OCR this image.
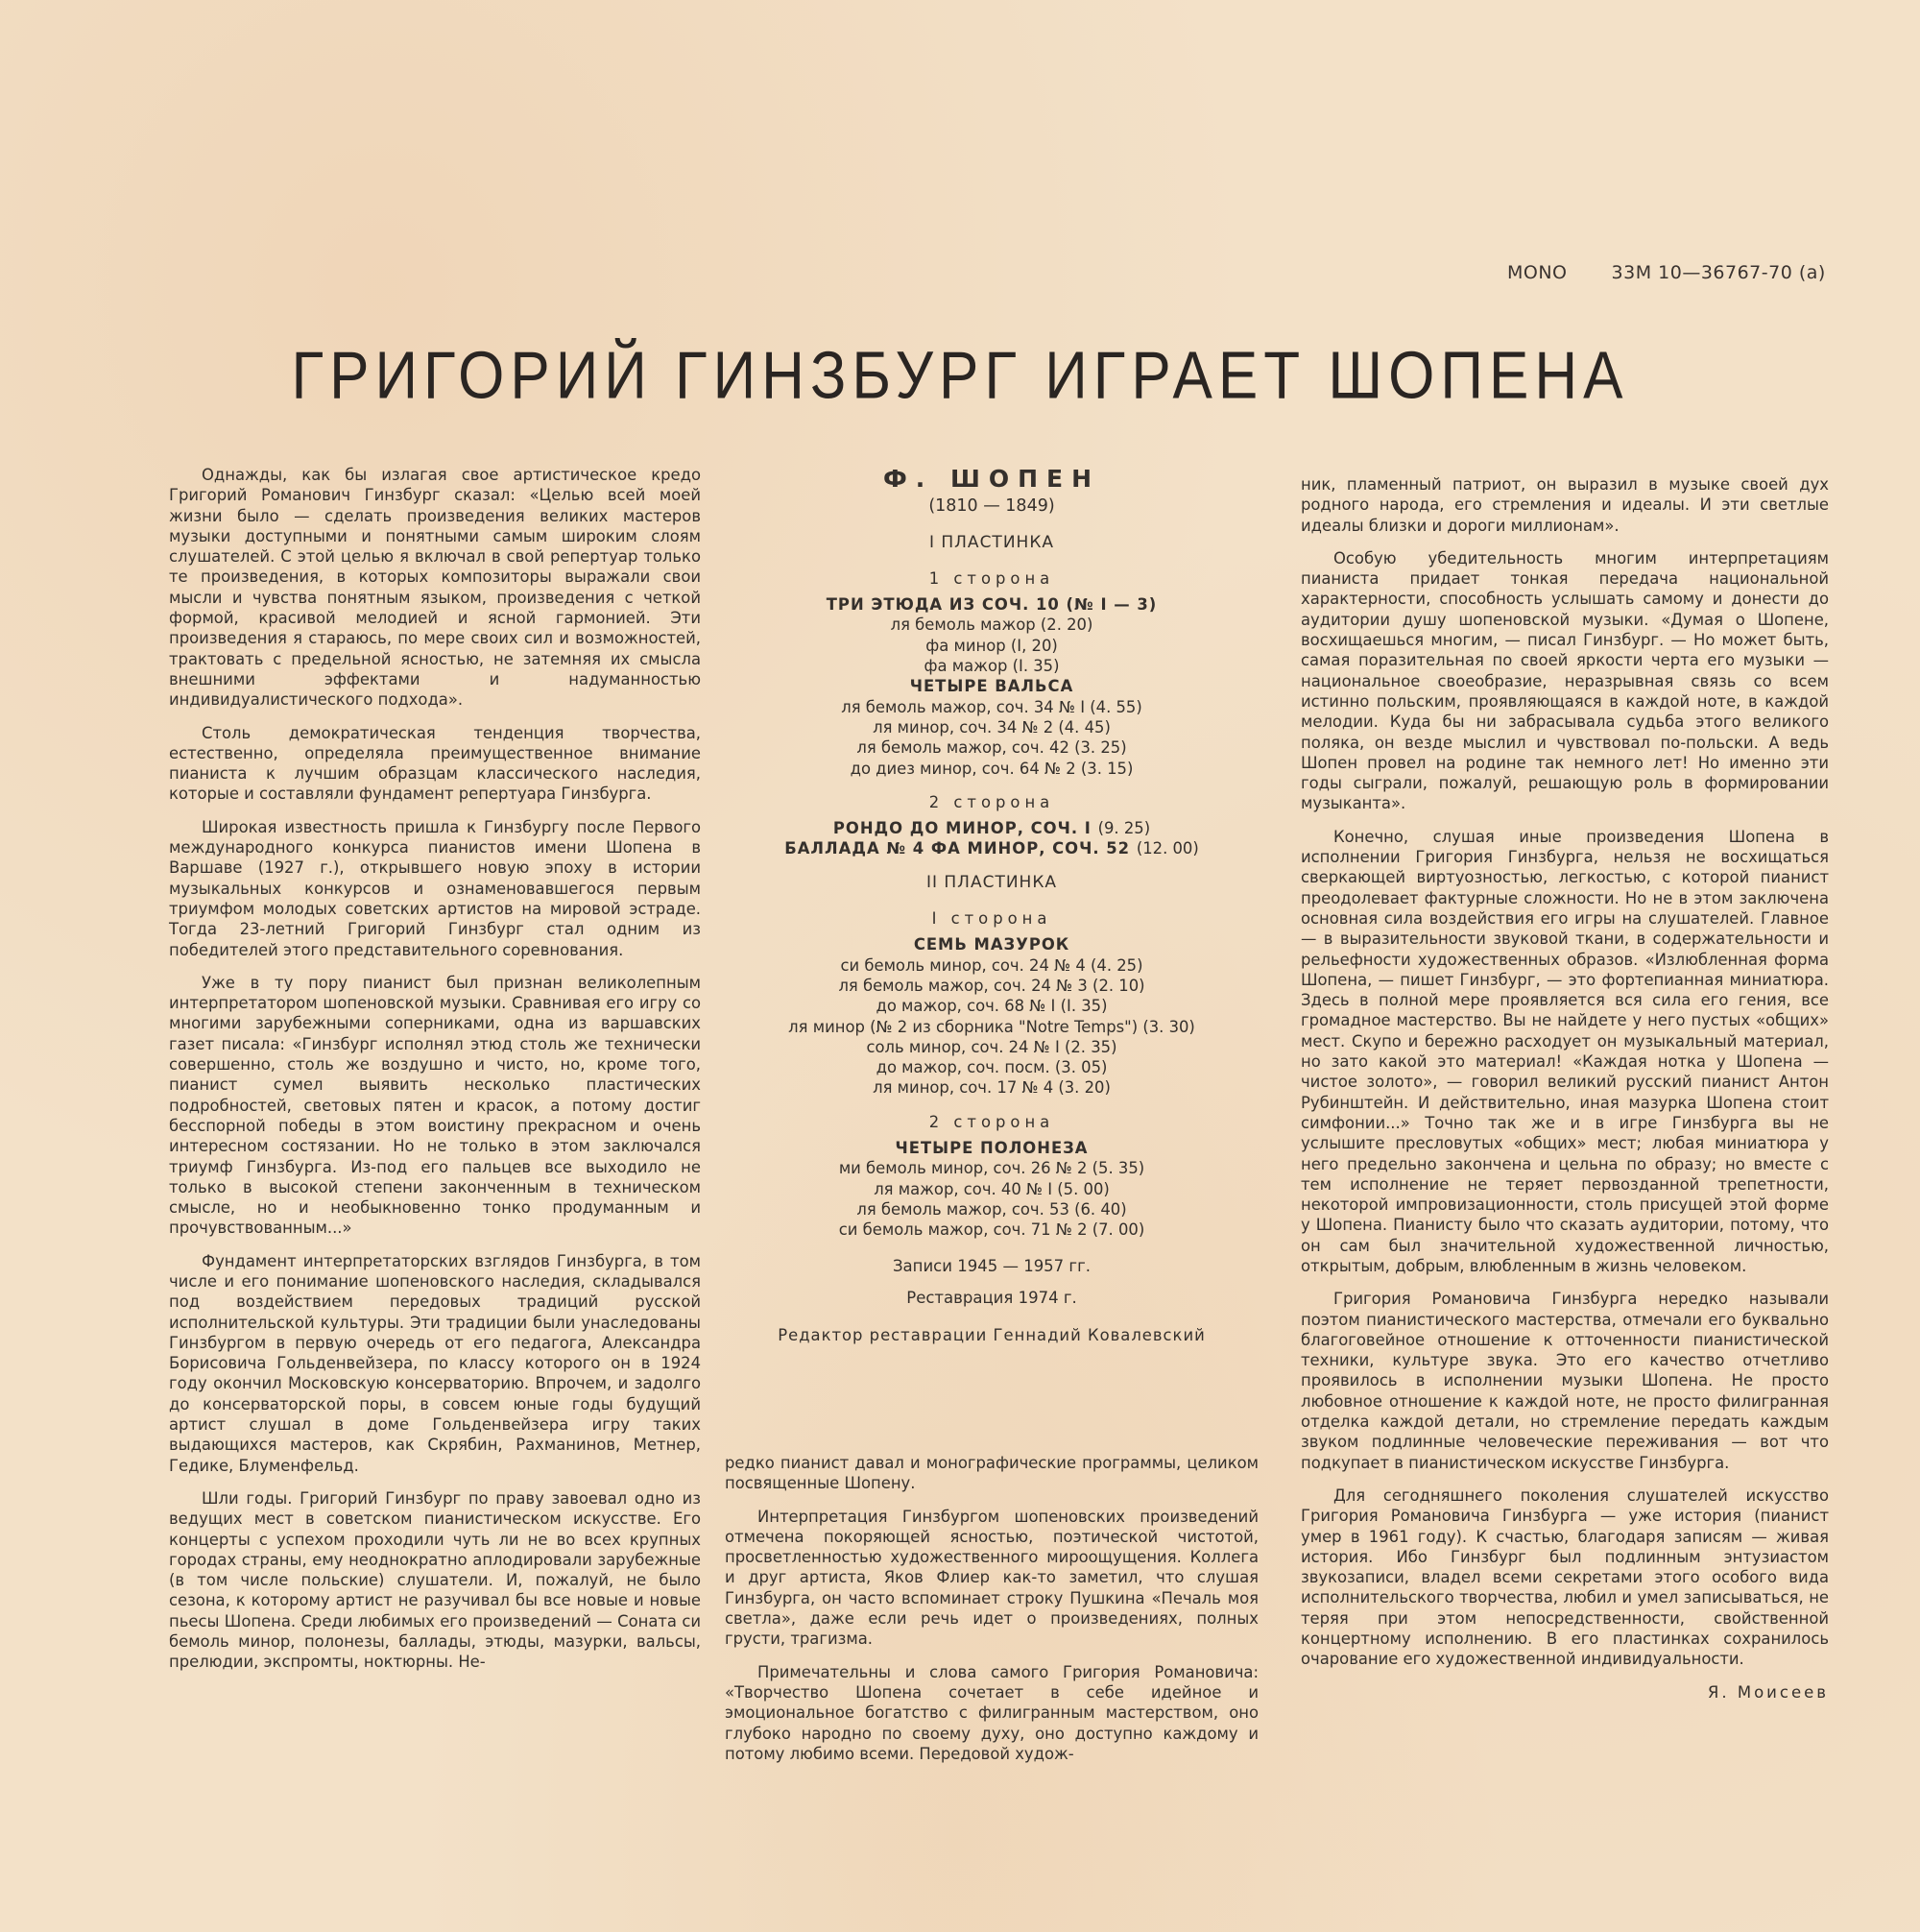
MONO 33М 10—36767-70 (а)
ГРИГОРИЙ ГИНЗБУРГ ИГРАЕТ ШОПЕНА

Однажды, как бы излагая свое артистическое кредо Григорий Романович Гинзбург сказал: «Целью всей моей жизни было — сделать произведения великих мастеров музыки доступными и понятными самым широким слоям слушателей. С этой целью я включал в свой репертуар только те произведения, в которых композиторы выражали свои мысли и чувства понятным языком, произведения с четкой формой, красивой мелодией и ясной гармонией. Эти произведения я стараюсь, по мере своих сил и возможностей, трактовать с предельной ясностью, не затемняя их смысла внешними эффектами и надуманностью индивидуалистического подхода».

Столь демократическая тенденция творчества, естественно, определяла преимущественное внимание пианиста к лучшим образцам классического наследия, которые и составляли фундамент репертуара Гинзбурга.

Широкая известность пришла к Гинзбургу после Первого международного конкурса пианистов имени Шопена в Варшаве (1927 г.), открывшего новую эпоху в истории музыкальных конкурсов и ознаменовавшегося первым триумфом молодых советских артистов на мировой эстраде. Тогда 23-летний Григорий Гинзбург стал одним из победителей этого представительного соревнования.

Уже в ту пору пианист был признан великолепным интерпретатором шопеновской музыки. Сравнивая его игру со многими зарубежными соперниками, одна из варшавских газет писала: «Гинзбург исполнял этюд столь же технически совершенно, столь же воздушно и чисто, но, кроме того, пианист сумел выявить несколько пластических подробностей, световых пятен и красок, а потому достиг бесспорной победы в этом воистину прекрасном и очень интересном состязании. Но не только в этом заключался триумф Гинзбурга. Из-под его пальцев все выходило не только в высокой степени законченным в техническом смысле, но и необыкновенно тонко продуманным и прочувствованным...»

Фундамент интерпретаторских взглядов Гинзбурга, в том числе и его понимание шопеновского наследия, складывался под воздействием передовых традиций русской исполнительской культуры. Эти традиции были унаследованы Гинзбургом в первую очередь от его педагога, Александра Борисовича Гольденвейзера, по классу которого он в 1924 году окончил Московскую консерваторию. Впрочем, и задолго до консерваторской поры, в совсем юные годы будущий артист слушал в доме Гольденвейзера игру таких выдающихся мастеров, как Скрябин, Рахманинов, Метнер, Гедике, Блуменфельд.

Шли годы. Григорий Гинзбург по праву завоевал одно из ведущих мест в советском пианистическом искусстве. Его концерты с успехом проходили чуть ли не во всех крупных городах страны, ему неоднократно аплодировали зарубежные (в том числе польские) слушатели. И, пожалуй, не было сезона, к которому артист не разучивал бы все новые и новые пьесы Шопена. Среди любимых его произведений — Соната си бемоль минор, полонезы, баллады, этюды, мазурки, вальсы, прелюдии, экспромты, ноктюрны. Не-

Ф. ШОПЕН
(1810 — 1849)
I ПЛАСТИНКА
1 сторона
ТРИ ЭТЮДА ИЗ СОЧ. 10 (№ I — 3)
ля бемоль мажор (2. 20)
фа минор (I, 20)
фа мажор (I. 35)
ЧЕТЫРЕ ВАЛЬСА
ля бемоль мажор, соч. 34 № I (4. 55)
ля минор, соч. 34 № 2 (4. 45)
ля бемоль мажор, соч. 42 (3. 25)
до диез минор, соч. 64 № 2 (3. 15)
2 сторона
РОНДО ДО МИНОР, СОЧ. I (9. 25)
БАЛЛАДА № 4 ФА МИНОР, СОЧ. 52 (12. 00)
II ПЛАСТИНКА
I сторона
СЕМЬ МАЗУРОК
си бемоль минор, соч. 24 № 4 (4. 25)
ля бемоль мажор, соч. 24 № 3 (2. 10)
до мажор, соч. 68 № I (I. 35)
ля минор (№ 2 из сборника "Notre Temps") (3. 30)
соль минор, соч. 24 № I (2. 35)
до мажор, соч. посм. (3. 05)
ля минор, соч. 17 № 4 (3. 20)
2 сторона
ЧЕТЫРЕ ПОЛОНЕЗА
ми бемоль минор, соч. 26 № 2 (5. 35)
ля мажор, соч. 40 № I (5. 00)
ля бемоль мажор, соч. 53 (6. 40)
си бемоль мажор, соч. 71 № 2 (7. 00)
Записи 1945 — 1957 гг.
Реставрация 1974 г.
Редактор реставрации Геннадий Ковалевский

редко пианист давал и монографические программы, целиком посвященные Шопену.

Интерпретация Гинзбургом шопеновских произведений отмечена покоряющей ясностью, поэтической чистотой, просветленностью художественного мироощущения. Коллега и друг артиста, Яков Флиер как-то заметил, что слушая Гинзбурга, он часто вспоминает строку Пушкина «Печаль моя светла», даже если речь идет о произведениях, полных грусти, трагизма.

Примечательны и слова самого Григория Романовича: «Творчество Шопена сочетает в себе идейное и эмоциональное богатство с филигранным мастерством, оно глубоко народно по своему духу, оно доступно каждому и потому любимо всеми. Передовой худож-

ник, пламенный патриот, он выразил в музыке своей дух родного народа, его стремления и идеалы. И эти светлые идеалы близки и дороги миллионам».

Особую убедительность многим интерпретациям пианиста придает тонкая передача национальной характерности, способность услышать самому и донести до аудитории душу шопеновской музыки. «Думая о Шопене, восхищаешься многим, — писал Гинзбург. — Но может быть, самая поразительная по своей яркости черта его музыки — национальное своеобразие, неразрывная связь со всем истинно польским, проявляющаяся в каждой ноте, в каждой мелодии. Куда бы ни забрасывала судьба этого великого поляка, он везде мыслил и чувствовал по-польски. А ведь Шопен провел на родине так немного лет! Но именно эти годы сыграли, пожалуй, решающую роль в формировании музыканта».

Конечно, слушая иные произведения Шопена в исполнении Григория Гинзбурга, нельзя не восхищаться сверкающей виртуозностью, легкостью, с которой пианист преодолевает фактурные сложности. Но не в этом заключена основная сила воздействия его игры на слушателей. Главное — в выразительности звуковой ткани, в содержательности и рельефности художественных образов. «Излюбленная форма Шопена, — пишет Гинзбург, — это фортепианная миниатюра. Здесь в полной мере проявляется вся сила его гения, все громадное мастерство. Вы не найдете у него пустых «общих» мест. Скупо и бережно расходует он музыкальный материал, но зато какой это материал! «Каждая нотка у Шопена — чистое золото», — говорил великий русский пианист Антон Рубинштейн. И действительно, иная мазурка Шопена стоит симфонии...» Точно так же и в игре Гинзбурга вы не услышите пресловутых «общих» мест; любая миниатюра у него предельно закончена и цельна по образу; но вместе с тем исполнение не теряет первозданной трепетности, некоторой импровизационности, столь присущей этой форме у Шопена. Пианисту было что сказать аудитории, потому, что он сам был значительной художественной личностью, открытым, добрым, влюбленным в жизнь человеком.

Григория Романовича Гинзбурга нередко называли поэтом пианистического мастерства, отмечали его буквально благоговейное отношение к отточенности пианистической техники, культуре звука. Это его качество отчетливо проявилось в исполнении музыки Шопена. Не просто любовное отношение к каждой ноте, не просто филигранная отделка каждой детали, но стремление передать каждым звуком подлинные человеческие переживания — вот что подкупает в пианистическом искусстве Гинзбурга.

Для сегодняшнего поколения слушателей искусство Григория Романовича Гинзбурга — уже история (пианист умер в 1961 году). К счастью, благодаря записям — живая история. Ибо Гинзбург был подлинным энтузиастом звукозаписи, владел всеми секретами этого особого вида исполнительского творчества, любил и умел записываться, не теряя при этом непосредственности, свойственной концертному исполнению. В его пластинках сохранилось очарование его художественной индивидуальности.

Я. Моисеев
